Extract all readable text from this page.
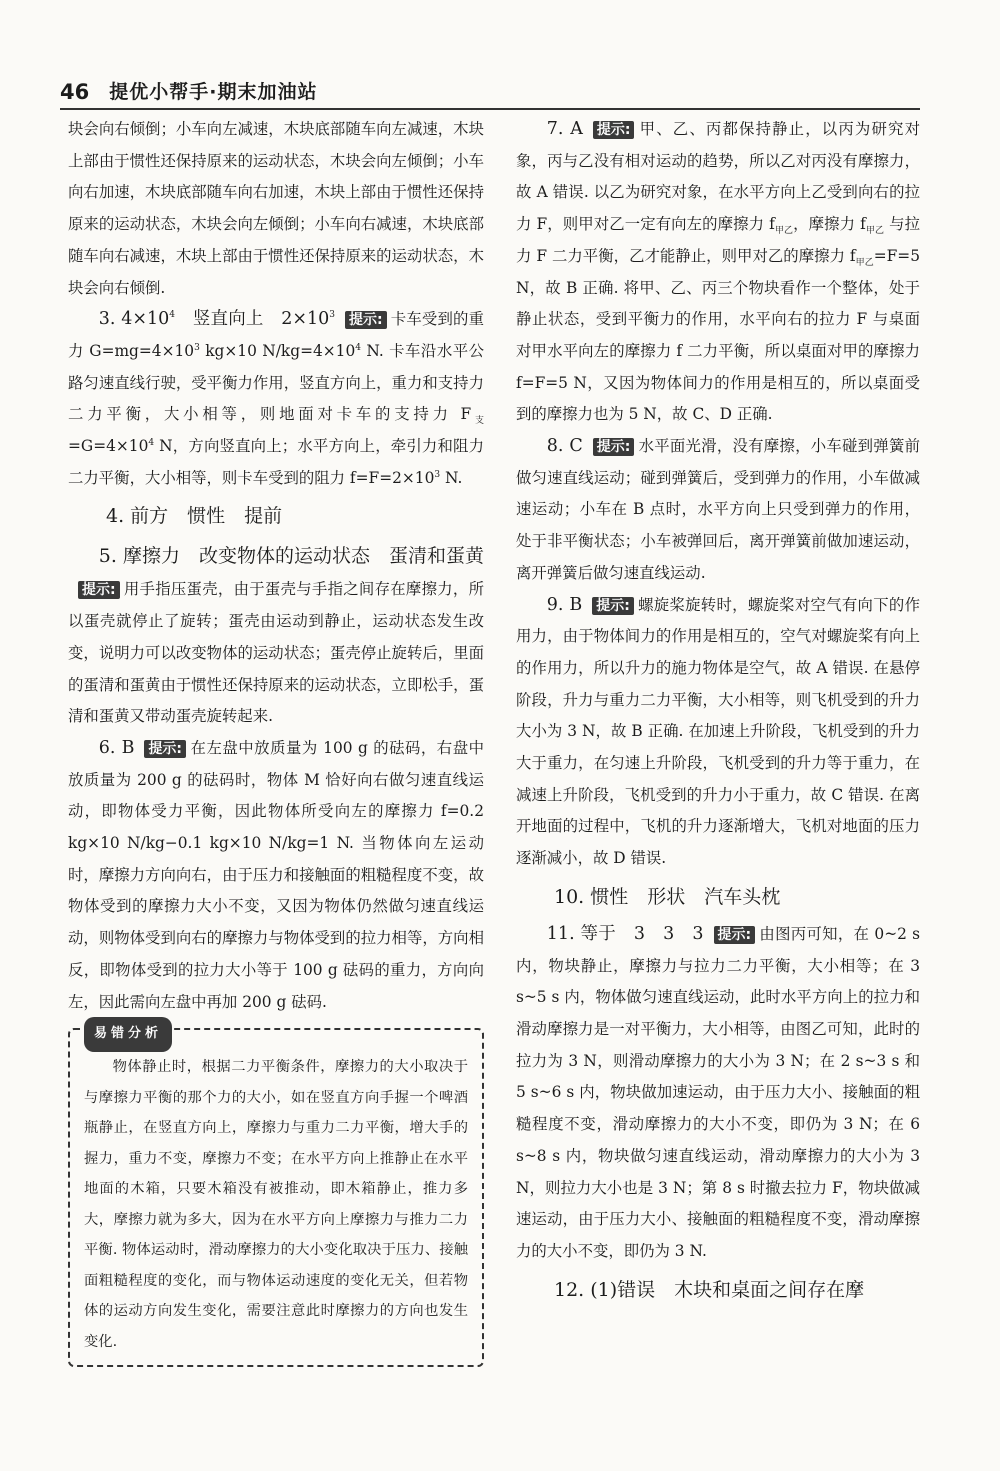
46 提优小帮手·期末加油站

块会向右倾倒；小车向左减速，木块底部随车向左减速，木块上部由于惯性还保持原来的运动状态，木块会向左倾倒；小车向右加速，木块底部随车向右加速，木块上部由于惯性还保持原来的运动状态，木块会向左倾倒；小车向右减速，木块底部随车向右减速，木块上部由于惯性还保持原来的运动状态，木块会向右倾倒.

3. $4\times 10^4$　竖直向上　$2\times 10^3$ 提示: 卡车受到的重力 $G=mg=4\times 10^3$ kg×10 $N/kg=4\times 10^4$ N. 卡车沿水平公路匀速直线行驶，受平衡力作用，竖直方向上，重力和支持力二力平衡，大小相等，则地面对卡车的支持力 $F_支=G=4\times 10^4$ N，方向竖直向上；水平方向上，牵引力和阻力二力平衡，大小相等，则卡车受到的阻力 $f=F=2\times 10^3$ N.

4. 前方　惯性　提前

5. 摩擦力　改变物体的运动状态　蛋清和蛋黄提示: 用手指压蛋壳，由于蛋壳与手指之间存在摩擦力，所以蛋壳就停止了旋转；蛋壳由运动到静止，运动状态发生改变，说明力可以改变物体的运动状态；蛋壳停止旋转后，里面的蛋清和蛋黄由于惯性还保持原来的运动状态，立即松手，蛋清和蛋黄又带动蛋壳旋转起来.

6. B 提示: 在左盘中放质量为 100 g 的砝码，右盘中放质量为 200 g 的砝码时，物体 M 恰好向右做匀速直线运动，即物体受力平衡，因此物体所受向左的摩擦力 f=0.2 kg×10 N/kg−0.1 kg×10 N/kg=1 N. 当物体向左运动时，摩擦力方向向右，由于压力和接触面的粗糙程度不变，故物体受到的摩擦力大小不变，又因为物体仍然做匀速直线运动，则物体受到向右的摩擦力与物体受到的拉力相等，方向相反，即物体受到的拉力大小等于 100 g 砝码的重力，方向向左，因此需向左盘中再加 200 g 砝码.

易错分析

物体静止时，根据二力平衡条件，摩擦力的大小取决于与摩擦力平衡的那个力的大小，如在竖直方向手握一个啤酒瓶静止，在竖直方向上，摩擦力与重力二力平衡，增大手的握力，重力不变，摩擦力不变；在水平方向上推静止在水平地面的木箱，只要木箱没有被推动，即木箱静止，推力多大，摩擦力就为多大，因为在水平方向上摩擦力与推力二力平衡. 物体运动时，滑动摩擦力的大小变化取决于压力、接触面粗糙程度的变化，而与物体运动速度的变化无关，但若物体的运动方向发生变化，需要注意此时摩擦力的方向也发生变化.

7. A 提示: 甲、乙、丙都保持静止，以丙为研究对象，丙与乙没有相对运动的趋势，所以乙对丙没有摩擦力，故 A 错误. 以乙为研究对象，在水平方向上乙受到向右的拉力 F，则甲对乙一定有向左的摩擦力 $f_{甲乙}$，摩擦力 $f_{甲乙}$ 与拉力 F 二力平衡，乙才能静止，则甲对乙的摩擦力 $f_{甲乙}=F=5$ N，故 B 正确. 将甲、乙、丙三个物块看作一个整体，处于静止状态，受到平衡力的作用，水平向右的拉力 F 与桌面对甲水平向左的摩擦力 f 二力平衡，所以桌面对甲的摩擦力 f=F=5 N，又因为物体间力的作用是相互的，所以桌面受到的摩擦力也为 5 N，故 C、D 正确.

8. C 提示: 水平面光滑，没有摩擦，小车碰到弹簧前做匀速直线运动；碰到弹簧后，受到弹力的作用，小车做减速运动；小车在 B 点时，水平方向上只受到弹力的作用，处于非平衡状态；小车被弹回后，离开弹簧前做加速运动，离开弹簧后做匀速直线运动.

9. B 提示: 螺旋桨旋转时，螺旋桨对空气有向下的作用力，由于物体间力的作用是相互的，空气对螺旋桨有向上的作用力，所以升力的施力物体是空气，故 A 错误. 在悬停阶段，升力与重力二力平衡，大小相等，则飞机受到的升力大小为 3 N，故 B 正确. 在加速上升阶段，飞机受到的升力大于重力，在匀速上升阶段，飞机受到的升力等于重力，在减速上升阶段，飞机受到的升力小于重力，故 C 错误. 在离开地面的过程中，飞机的升力逐渐增大，飞机对地面的压力逐渐减小，故 D 错误.

10. 惯性　形状　汽车头枕

11. 等于　3　3　3 提示: 由图丙可知，在 0~2 s 内，物块静止，摩擦力与拉力二力平衡，大小相等；在 3 s~5 s 内，物体做匀速直线运动，此时水平方向上的拉力和滑动摩擦力是一对平衡力，大小相等，由图乙可知，此时的拉力为 3 N，则滑动摩擦力的大小为 3 N；在 2 s~3 s 和 5 s~6 s 内，物块做加速运动，由于压力大小、接触面的粗糙程度不变，滑动摩擦力的大小不变，即仍为 3 N；在 6 s~8 s 内，物块做匀速直线运动，滑动摩擦力的大小为 3 N，则拉力大小也是 3 N；第 8 s 时撤去拉力 F，物块做减速运动，由于压力大小、接触面的粗糙程度不变，滑动摩擦力的大小不变，即仍为 3 N.

12. (1)错误　木块和桌面之间存在摩
